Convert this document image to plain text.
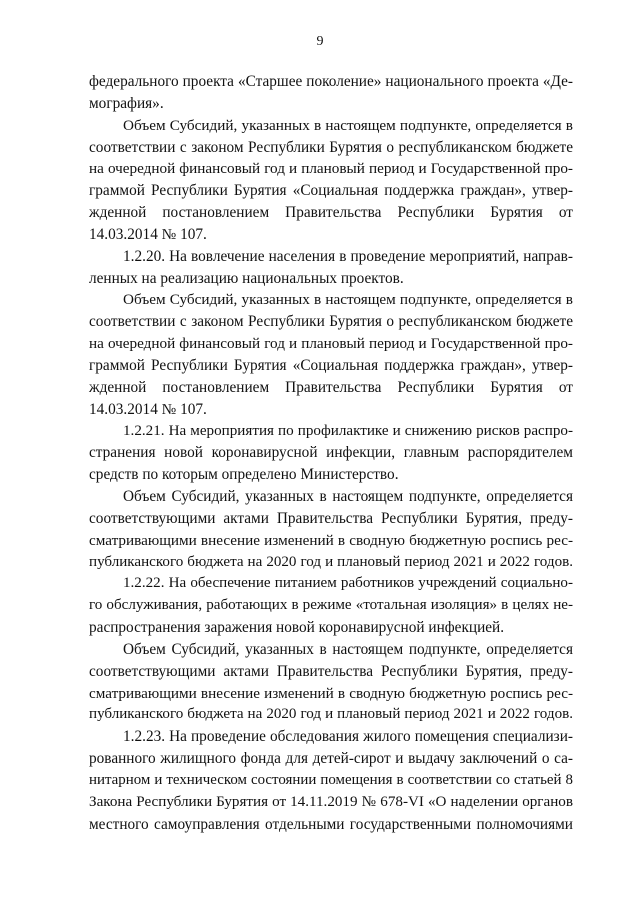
9
федерального проекта «Старшее поколение» национального проекта «Де-
мография».
Объем Субсидий, указанных в настоящем подпункте, определяется в
соответствии с законом Республики Бурятия о республиканском бюджете
на очередной финансовый год и плановый период и Государственной про-
граммой Республики Бурятия «Социальная поддержка граждан», утвер-
жденной постановлением Правительства Республики Бурятия от
14.03.2014 № 107.
1.2.20. На вовлечение населения в проведение мероприятий, направ-
ленных на реализацию национальных проектов.
Объем Субсидий, указанных в настоящем подпункте, определяется в
соответствии с законом Республики Бурятия о республиканском бюджете
на очередной финансовый год и плановый период и Государственной про-
граммой Республики Бурятия «Социальная поддержка граждан», утвер-
жденной постановлением Правительства Республики Бурятия от
14.03.2014 № 107.
1.2.21. На мероприятия по профилактике и снижению рисков распро-
странения новой коронавирусной инфекции, главным распорядителем
средств по которым определено Министерство.
Объем Субсидий, указанных в настоящем подпункте, определяется
соответствующими актами Правительства Республики Бурятия, преду-
сматривающими внесение изменений в сводную бюджетную роспись рес-
публиканского бюджета на 2020 год и плановый период 2021 и 2022 годов.
1.2.22. На обеспечение питанием работников учреждений социально-
го обслуживания, работающих в режиме «тотальная изоляция» в целях не-
распространения заражения новой коронавирусной инфекцией.
Объем Субсидий, указанных в настоящем подпункте, определяется
соответствующими актами Правительства Республики Бурятия, преду-
сматривающими внесение изменений в сводную бюджетную роспись рес-
публиканского бюджета на 2020 год и плановый период 2021 и 2022 годов.
1.2.23. На проведение обследования жилого помещения специализи-
рованного жилищного фонда для детей-сирот и выдачу заключений о са-
нитарном и техническом состоянии помещения в соответствии со статьей 8
Закона Республики Бурятия от 14.11.2019 № 678-VI «О наделении органов
местного самоуправления отдельными государственными полномочиями
